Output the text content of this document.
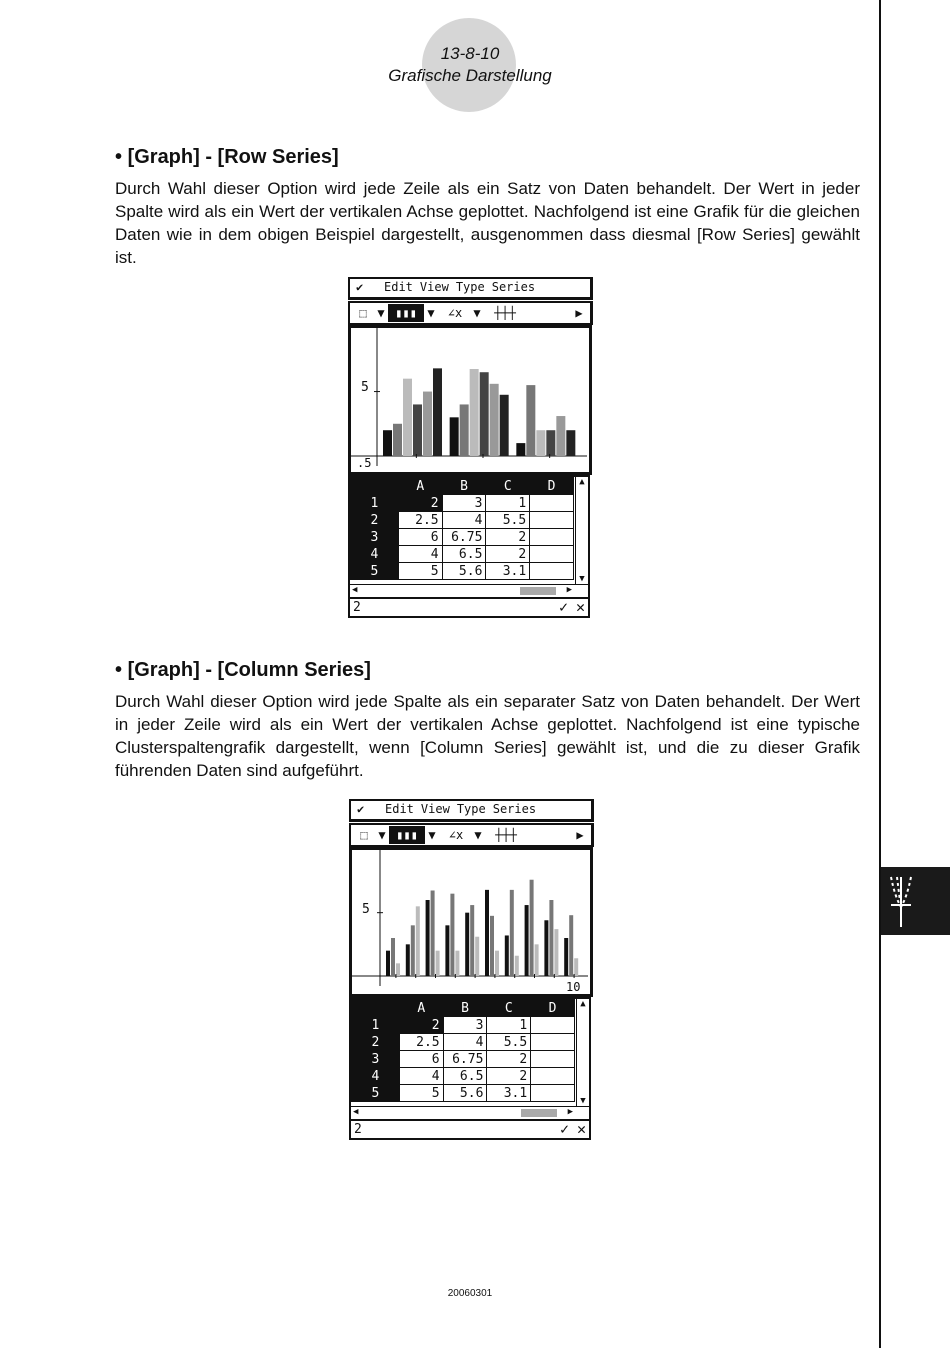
13-8-10
Grafische Darstellung
• [Graph] - [Row Series]
Durch Wahl dieser Option wird jede Zeile als ein Satz von Daten behandelt. Der Wert in jeder Spalte wird als ein Wert der vertikalen Achse geplottet. Nachfolgend ist eine Grafik für die gleichen Daten wie in dem obigen Beispiel dargestellt, ausgenommen dass diesmal [Row Series] gewählt ist.
✔ Edit View Type Series
⬚ ▼ ▮▮▮ ▼	∠x ▼	┼┼┼	▶
5
.5
	A	B	C	D
1	2	3	1	
2	2.5	4	5.5	
3	6	6.75	2	
4	4	6.5	2	
5	5	5.6	3.1	
▲
▼
◀	▶
2	✓ ✕
• [Graph] - [Column Series]
Durch Wahl dieser Option wird jede Spalte als ein separater Satz von Daten behandelt. Der Wert in jeder Zeile wird als ein Wert der vertikalen Achse geplottet. Nachfolgend ist eine typische Clusterspaltengrafik dargestellt, wenn [Column Series] gewählt ist, und die zu dieser Grafik führenden Daten sind aufgeführt.
✔ Edit View Type Series
⬚ ▼ ▮▮▮ ▼	∠x ▼	┼┼┼	▶
5
10
	A	B	C	D
1	2	3	1	
2	2.5	4	5.5	
3	6	6.75	2	
4	4	6.5	2	
5	5	5.6	3.1	
▲
▼
◀	▶
2	✓ ✕
20060301
